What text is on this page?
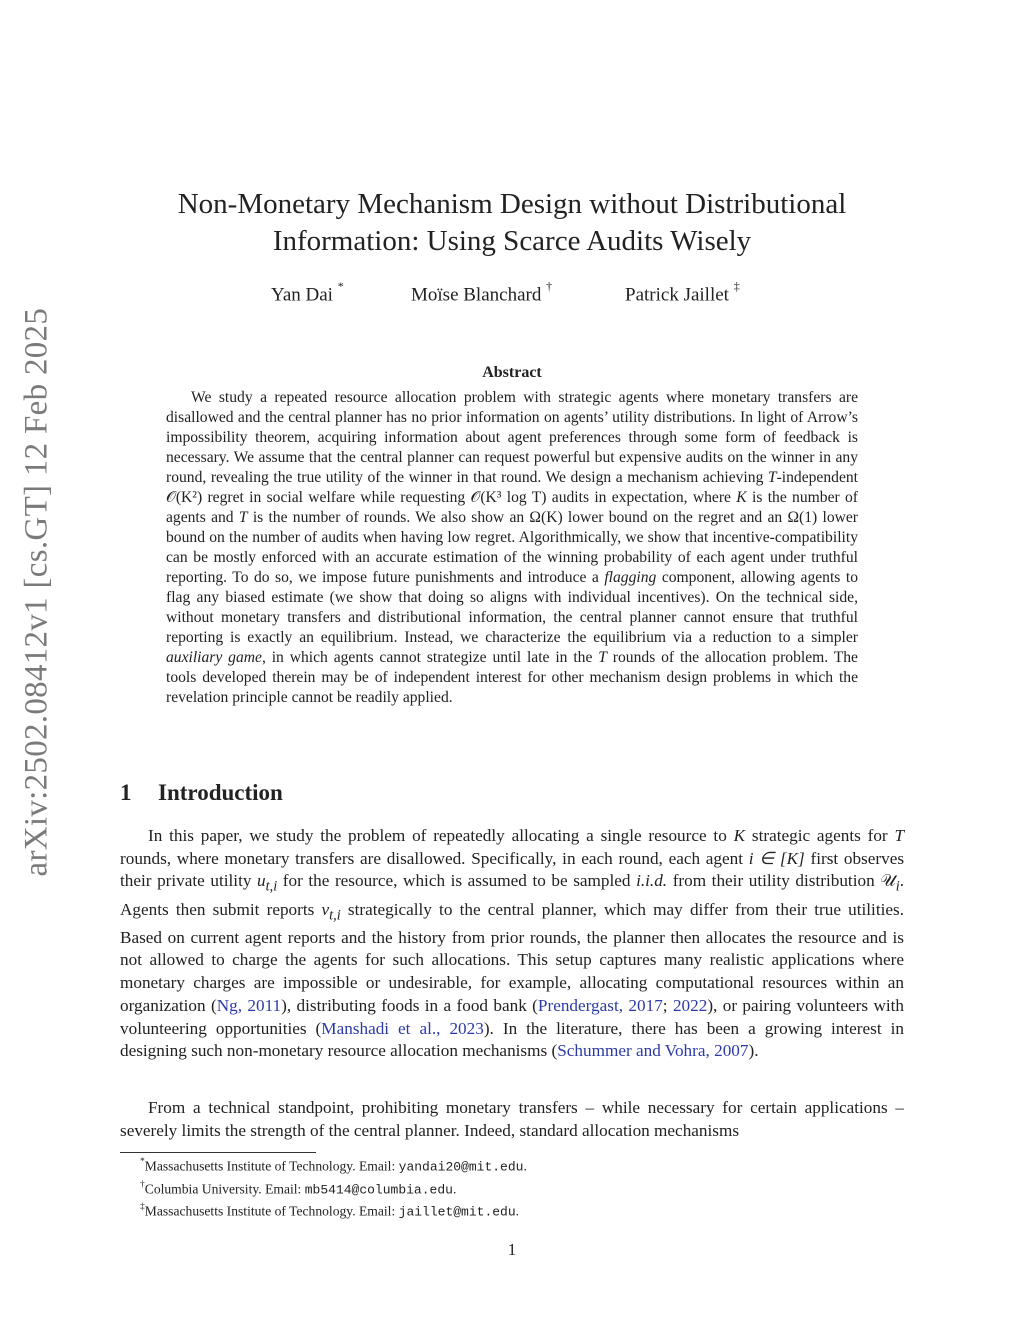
arXiv:2502.08412v1 [cs.GT] 12 Feb 2025
Non-Monetary Mechanism Design without Distributional Information: Using Scarce Audits Wisely
Yan Dai *	Moïse Blanchard †	Patrick Jaillet ‡
Abstract

We study a repeated resource allocation problem with strategic agents where monetary transfers are disallowed and the central planner has no prior information on agents’ utility distributions. In light of Arrow’s impossibility theorem, acquiring information about agent preferences through some form of feedback is necessary. We assume that the central planner can request powerful but expensive audits on the winner in any round, revealing the true utility of the winner in that round. We design a mechanism achieving T-independent 𝒪(K²) regret in social welfare while requesting 𝒪(K³ log T) audits in expectation, where K is the number of agents and T is the number of rounds. We also show an Ω(K) lower bound on the regret and an Ω(1) lower bound on the number of audits when having low regret. Algorithmically, we show that incentive-compatibility can be mostly enforced with an accurate estimation of the winning probability of each agent under truthful reporting. To do so, we impose future punishments and introduce a flagging component, allowing agents to flag any biased estimate (we show that doing so aligns with individual incentives). On the technical side, without monetary transfers and distributional information, the central planner cannot ensure that truthful reporting is exactly an equilibrium. Instead, we characterize the equilibrium via a reduction to a simpler auxiliary game, in which agents cannot strategize until late in the T rounds of the allocation problem. The tools developed therein may be of independent interest for other mechanism design problems in which the revelation principle cannot be readily applied.

1 Introduction

In this paper, we study the problem of repeatedly allocating a single resource to K strategic agents for T rounds, where monetary transfers are disallowed. Specifically, in each round, each agent i ∈ [K] first observes their private utility $u_{t,i}$ for the resource, which is assumed to be sampled i.i.d. from their utility distribution 𝒰$_i$. Agents then submit reports $v_{t,i}$ strategically to the central planner, which may differ from their true utilities. Based on current agent reports and the history from prior rounds, the planner then allocates the resource and is not allowed to charge the agents for such allocations. This setup captures many realistic applications where monetary charges are impossible or undesirable, for example, allocating computational resources within an organization (Ng, 2011), distributing foods in a food bank (Prendergast, 2017; 2022), or pairing volunteers with volunteering opportunities (Manshadi et al., 2023). In the literature, there has been a growing interest in designing such non-monetary resource allocation mechanisms (Schummer and Vohra, 2007).

From a technical standpoint, prohibiting monetary transfers – while necessary for certain applications – severely limits the strength of the central planner. Indeed, standard allocation mechanisms

*Massachusetts Institute of Technology. Email: yandai20@mit.edu.
†Columbia University. Email: mb5414@columbia.edu.
‡Massachusetts Institute of Technology. Email: jaillet@mit.edu.
1
